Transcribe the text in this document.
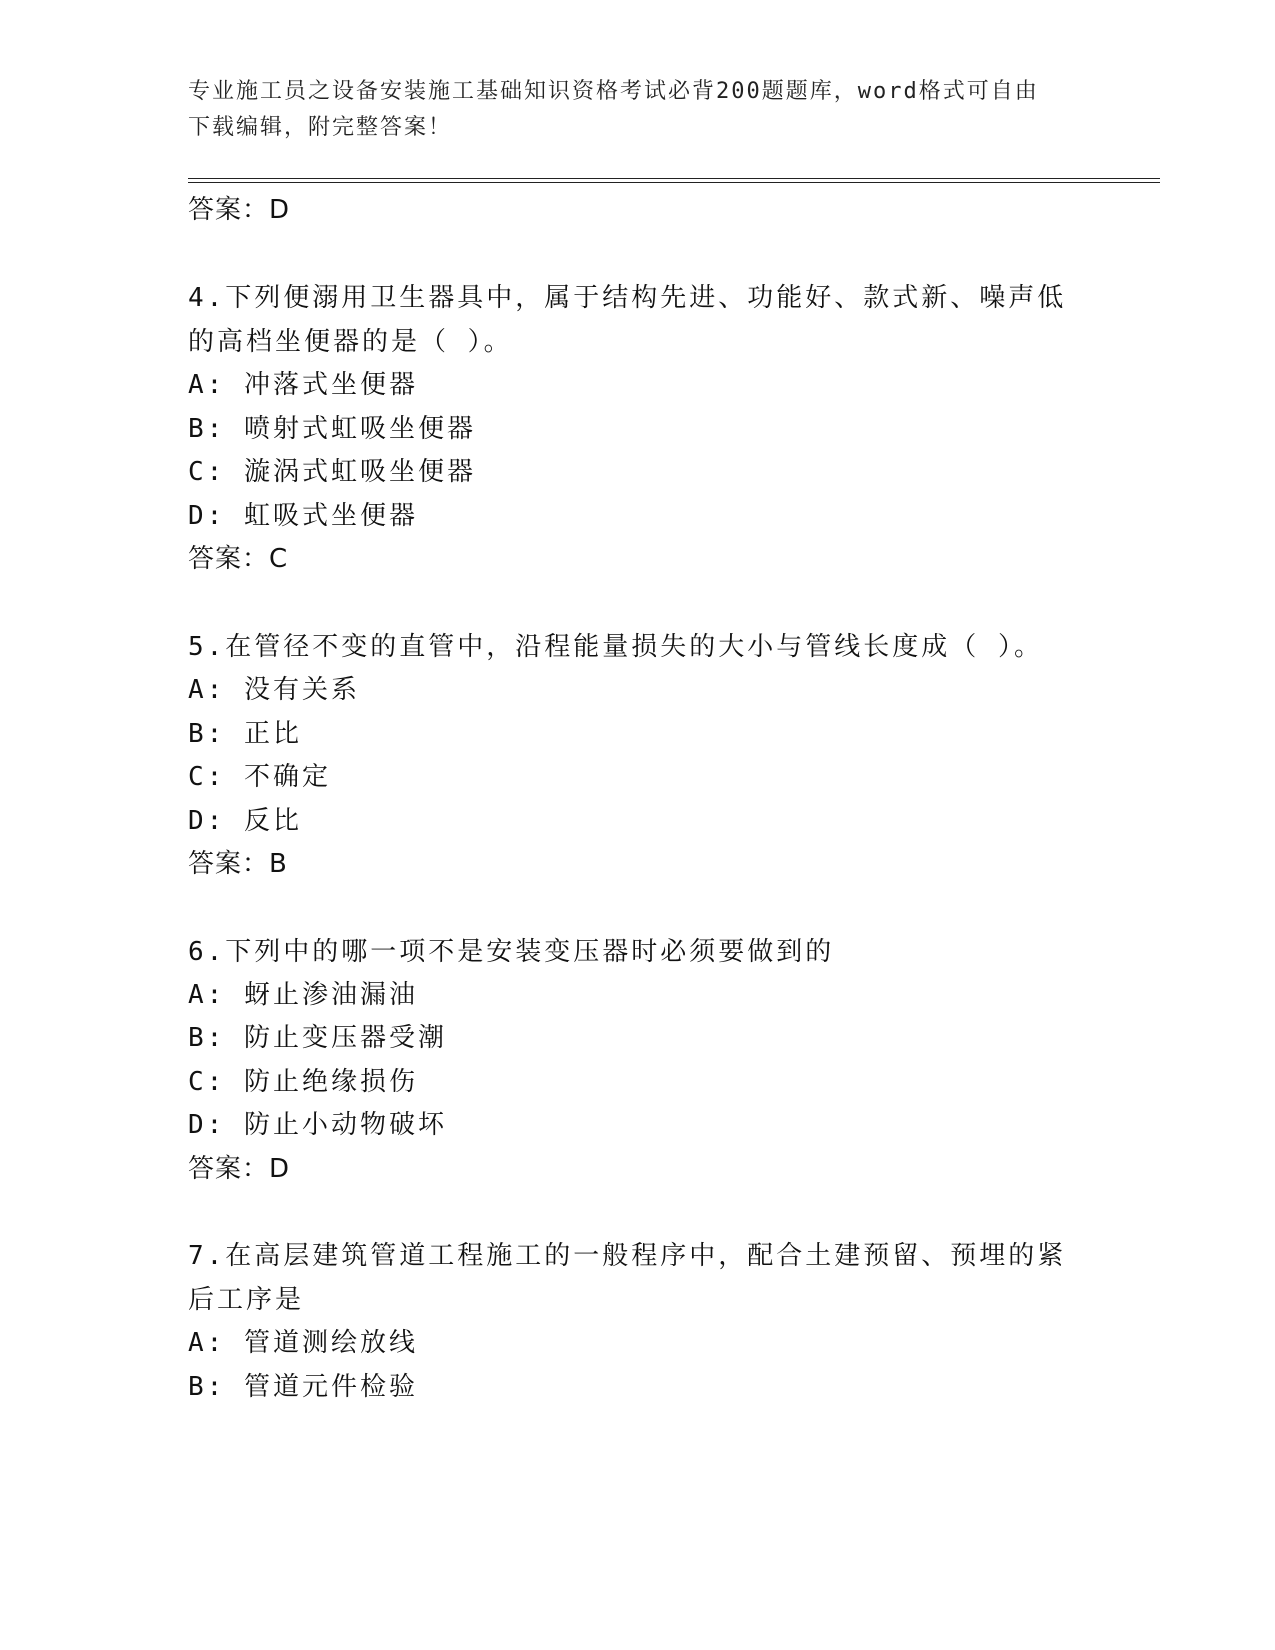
专业施工员之设备安装施工基础知识资格考试必背200题题库，word格式可自由
下载编辑，附完整答案！
答案：D
4.下列便溺用卫生器具中，属于结构先进、功能好、款式新、噪声低
的高档坐便器的是（ ）。
A: 冲落式坐便器
B: 喷射式虹吸坐便器
C: 漩涡式虹吸坐便器
D: 虹吸式坐便器
答案：C
5.在管径不变的直管中，沿程能量损失的大小与管线长度成（ ）。
A: 没有关系
B: 正比
C: 不确定
D: 反比
答案：B
6.下列中的哪一项不是安装变压器时必须要做到的
A: 蚜止渗油漏油
B: 防止变压器受潮
C: 防止绝缘损伤
D: 防止小动物破坏
答案：D
7.在高层建筑管道工程施工的一般程序中，配合土建预留、预埋的紧
后工序是
A: 管道测绘放线
B: 管道元件检验
